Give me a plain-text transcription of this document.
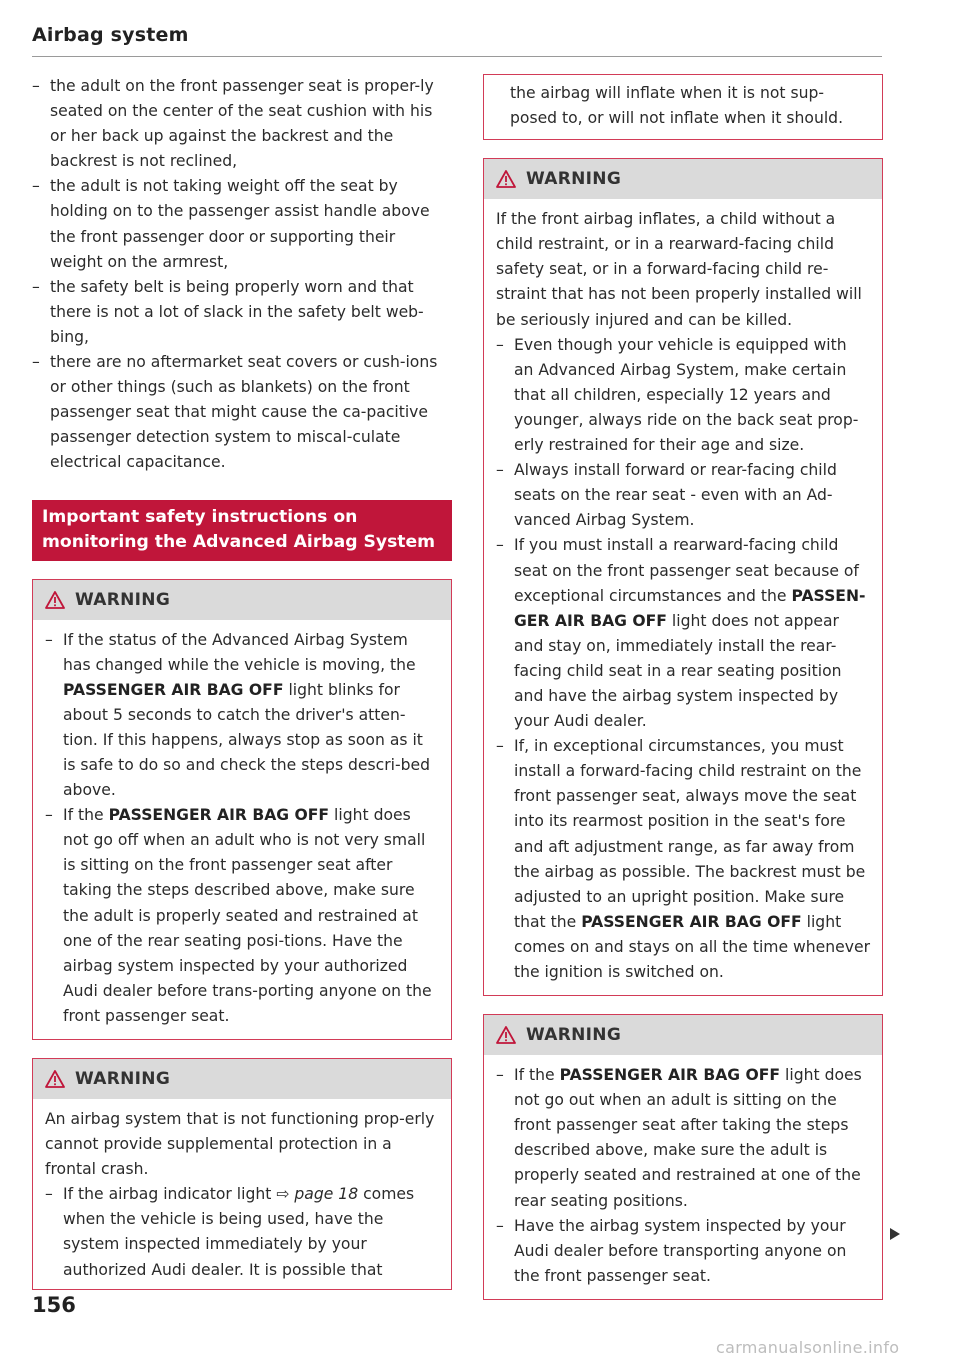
Airbag system
– the adult on the front passenger seat is proper-ly seated on the center of the seat cushion with his or her back up against the backrest and the backrest is not reclined,
– the adult is not taking weight off the seat by holding on to the passenger assist handle above the front passenger door or supporting their weight on the armrest,
– the safety belt is being properly worn and that there is not a lot of slack in the safety belt web-bing,
– there are no aftermarket seat covers or cush-ions or other things (such as blankets) on the front passenger seat that might cause the ca-pacitive passenger detection system to miscal-culate electrical capacitance.
Important safety instructions on monitoring the Advanced Airbag System
WARNING
– If the status of the Advanced Airbag System has changed while the vehicle is moving, the PASSENGER AIR BAG OFF light blinks for about 5 seconds to catch the driver's atten-tion. If this happens, always stop as soon as it is safe to do so and check the steps descri-bed above.
– If the PASSENGER AIR BAG OFF light does not go off when an adult who is not very small is sitting on the front passenger seat after taking the steps described above, make sure the adult is properly seated and restrained at one of the rear seating posi-tions. Have the airbag system inspected by your authorized Audi dealer before trans-porting anyone on the front passenger seat.
WARNING

An airbag system that is not functioning prop-erly cannot provide supplemental protection in a frontal crash.

– If the airbag indicator light ⇨ page 18 comes when the vehicle is being used, have the system inspected immediately by your authorized Audi dealer. It is possible that

the airbag will inflate when it is not sup-posed to, or will not inflate when it should.

WARNING

If the front airbag inflates, a child without a child restraint, or in a rearward-facing child safety seat, or in a forward-facing child re-straint that has not been properly installed will be seriously injured and can be killed.

– Even though your vehicle is equipped with an Advanced Airbag System, make certain that all children, especially 12 years and younger, always ride on the back seat prop-erly restrained for their age and size.
– Always install forward or rear-facing child seats on the rear seat - even with an Ad-vanced Airbag System.
– If you must install a rearward-facing child seat on the front passenger seat because of exceptional circumstances and the PASSEN-GER AIR BAG OFF light does not appear and stay on, immediately install the rear-facing child seat in a rear seating position and have the airbag system inspected by your Audi dealer.
– If, in exceptional circumstances, you must install a forward-facing child restraint on the front passenger seat, always move the seat into its rearmost position in the seat's fore and aft adjustment range, as far away from the airbag as possible. The backrest must be adjusted to an upright position. Make sure that the PASSENGER AIR BAG OFF light comes on and stays on all the time whenever the ignition is switched on.
WARNING
– If the PASSENGER AIR BAG OFF light does not go out when an adult is sitting on the front passenger seat after taking the steps described above, make sure the adult is properly seated and restrained at one of the rear seating positions.
– Have the airbag system inspected by your Audi dealer before transporting anyone on the front passenger seat.
156
carmanualsonline.info
